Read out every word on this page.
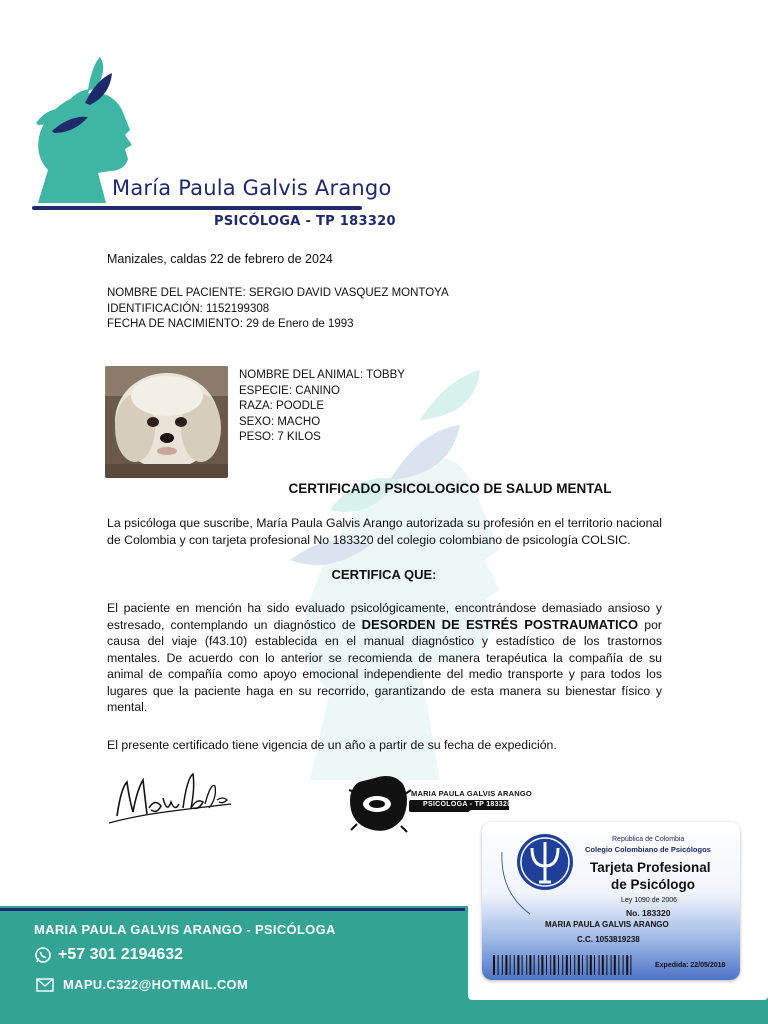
María Paula Galvis Arango
PSICÓLOGA - TP 183320
Manizales, caldas 22 de febrero de 2024
NOMBRE DEL PACIENTE: SERGIO DAVID VASQUEZ MONTOYA
IDENTIFICACIÓN: 1152199308
FECHA DE NACIMIENTO: 29 de Enero de 1993
NOMBRE DEL ANIMAL: TOBBY
ESPECIE: CANINO
RAZA: POODLE
SEXO: MACHO
PESO: 7 KILOS
CERTIFICADO PSICOLOGICO DE SALUD MENTAL
La psicóloga que suscribe, María Paula Galvis Arango autorizada su profesión en el territorio nacional de Colombia y con tarjeta profesional No 183320 del colegio colombiano de psicología COLSIC.
CERTIFICA QUE:
El paciente en mención ha sido evaluado psicológicamente, encontrándose demasiado ansioso y estresado, contemplando un diagnóstico de DESORDEN DE ESTRÉS POSTRAUMATICO por causa del viaje (f43.10) establecida en el manual diagnóstico y estadístico de los trastornos mentales. De acuerdo con lo anterior se recomienda de manera terapéutica la compañía de su animal de compañía como apoyo emocional independiente del medio transporte y para todos los lugares que la paciente haga en su recorrido, garantizando de esta manera su bienestar físico y mental.
El presente certificado tiene vigencia de un año a partir de su fecha de expedición.
MARIA PAULA GALVIS ARANGO
PSICÓLOGA - TP 183320
MARIA PAULA GALVIS ARANGO - PSICÓLOGA
+57 301 2194632
MAPU.C322@HOTMAIL.COM
República de Colombia
Colegio Colombiano de Psicólogos
Tarjeta Profesional
de Psicólogo
Ley 1090 de 2006
No. 183320
MARIA PAULA GALVIS ARANGO
C.C. 1053819238
Expedida: 22/05/2018
